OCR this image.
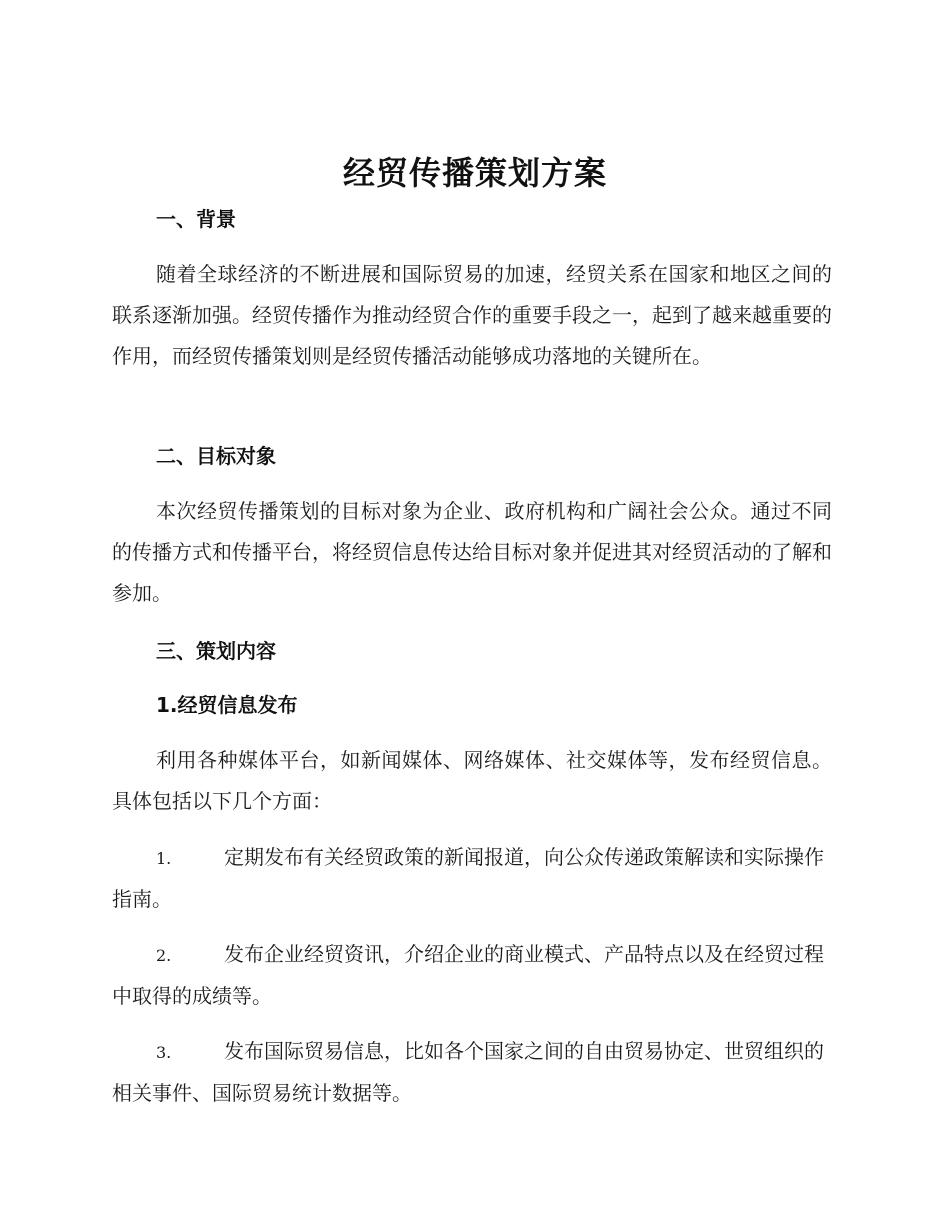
经贸传播策划方案
一、背景

随着全球经济的不断进展和国际贸易的加速，经贸关系在国家和地区之间的联系逐渐加强。经贸传播作为推动经贸合作的重要手段之一，起到了越来越重要的作用，而经贸传播策划则是经贸传播活动能够成功落地的关键所在。

二、目标对象

本次经贸传播策划的目标对象为企业、政府机构和广阔社会公众。通过不同的传播方式和传播平台，将经贸信息传达给目标对象并促进其对经贸活动的了解和参加。

三、策划内容
1.经贸信息发布

利用各种媒体平台，如新闻媒体、网络媒体、社交媒体等，发布经贸信息。具体包括以下几个方面：

1.	定期发布有关经贸政策的新闻报道，向公众传递政策解读和实际操作指南。

2.	发布企业经贸资讯，介绍企业的商业模式、产品特点以及在经贸过程中取得的成绩等。

3.	发布国际贸易信息，比如各个国家之间的自由贸易协定、世贸组织的相关事件、国际贸易统计数据等。
